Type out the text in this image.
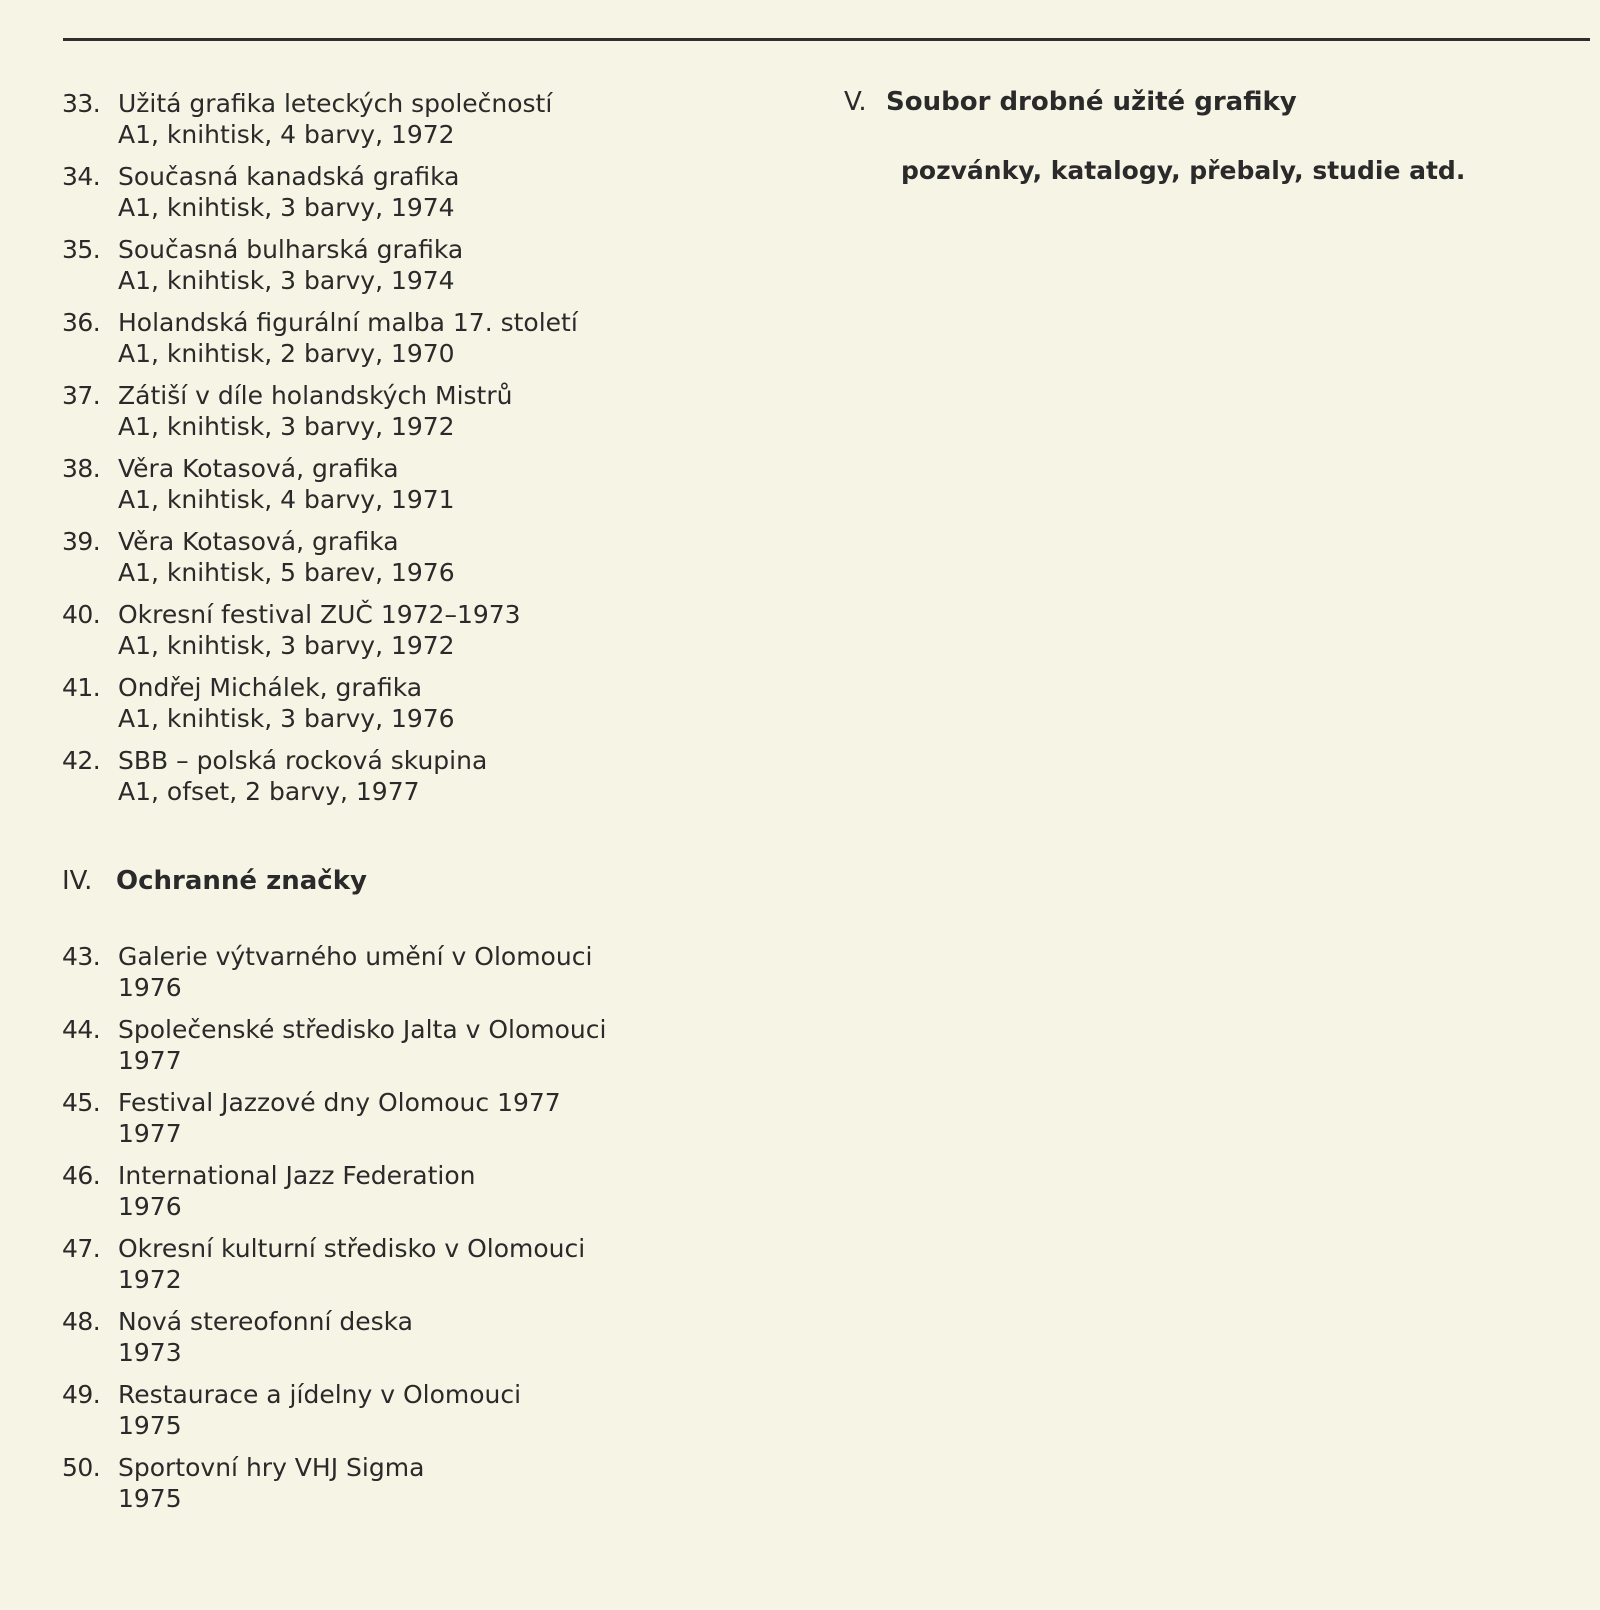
33. Užitá grafika leteckých společností
A1, knihtisk, 4 barvy, 1972
34. Současná kanadská grafika
A1, knihtisk, 3 barvy, 1974
35. Současná bulharská grafika
A1, knihtisk, 3 barvy, 1974
36. Holandská figurální malba 17. století
A1, knihtisk, 2 barvy, 1970
37. Zátiší v díle holandských Mistrů
A1, knihtisk, 3 barvy, 1972
38. Věra Kotasová, grafika
A1, knihtisk, 4 barvy, 1971
39. Věra Kotasová, grafika
A1, knihtisk, 5 barev, 1976
40. Okresní festival ZUČ 1972–1973
A1, knihtisk, 3 barvy, 1972
41. Ondřej Michálek, grafika
A1, knihtisk, 3 barvy, 1976
42. SBB – polská rocková skupina
A1, ofset, 2 barvy, 1977
IV. Ochranné značky
43. Galerie výtvarného umění v Olomouci
1976
44. Společenské středisko Jalta v Olomouci
1977
45. Festival Jazzové dny Olomouc 1977
1977
46. International Jazz Federation
1976
47. Okresní kulturní středisko v Olomouci
1972
48. Nová stereofonní deska
1973
49. Restaurace a jídelny v Olomouci
1975
50. Sportovní hry VHJ Sigma
1975
V. Soubor drobné užité grafiky
pozvánky, katalogy, přebaly, studie atd.
